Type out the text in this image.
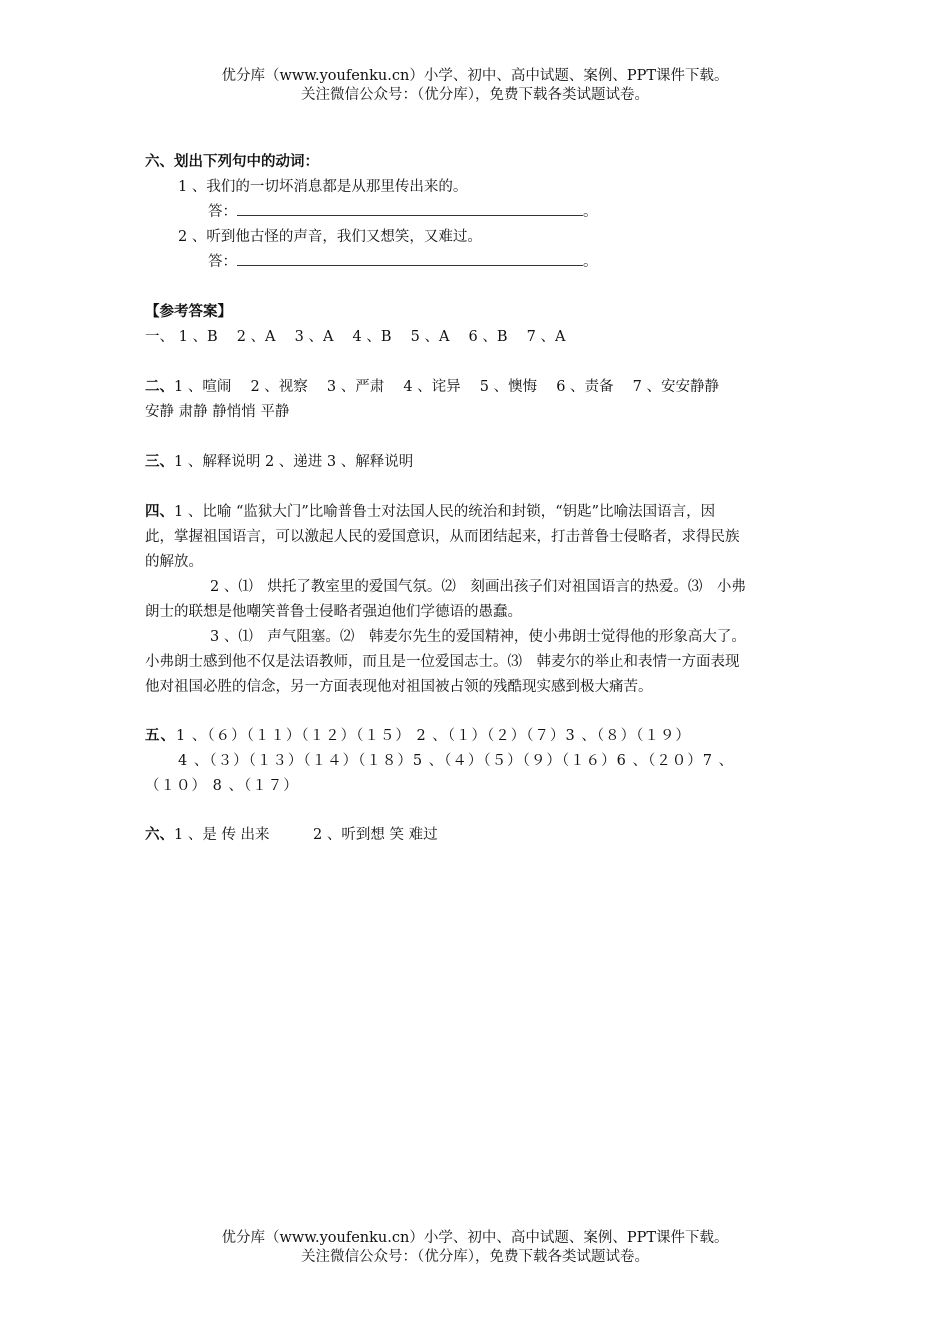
优分库（www.youfenku.cn）小学、初中、高中试题、案例、PPT课件下载。
关注微信公众号：（优分库），免费下载各类试题试卷。
六、划出下列句中的动词：
1 、我们的一切坏消息都是从那里传出来的。
答：	。
2 、听到他古怪的声音，我们又想笑，又难过。
答：	。
【参考答案】
一、 1 、B　 2 、A　 3 、A　 4 、B　 5 、A　 6 、B　 7 、A
二、1 、喧闹　 2 、视察　 3 、严肃　 4 、诧异　 5 、懊悔　 6 、责备　 7 、安安静静
安静 肃静 静悄悄 平静
三、1 、解释说明 2 、递进 3 、解释说明
四、1 、比喻 “监狱大门”比喻普鲁士对法国人民的统治和封锁，“钥匙”比喻法国语言，因
此，掌握祖国语言，可以激起人民的爱国意识，从而团结起来，打击普鲁士侵略者，求得民族
的解放。
2 、⑴　烘托了教室里的爱国气氛。⑵　刻画出孩子们对祖国语言的热爱。⑶　小弗
朗士的联想是他嘲笑普鲁士侵略者强迫他们学德语的愚蠢。
3 、⑴　声气阻塞。⑵　韩麦尔先生的爱国精神，使小弗朗士觉得他的形象高大了。
小弗朗士感到他不仅是法语教师，而且是一位爱国志士。⑶　韩麦尔的举止和表情一方面表现
他对祖国必胜的信念，另一方面表现他对祖国被占领的残酷现实感到极大痛苦。
五、1 、（６）（１１）（１２）（１５） 2 、（１）（２）（７）3 、（８）（１９）
4 、（３）（１３）（１４）（１８）5 、（４）（５）（９）（１６）6 、（２０）7 、
（１０） 8 、（１７）
六、1 、是 传 出来　　　2 、听到想 笑 难过
优分库（www.youfenku.cn）小学、初中、高中试题、案例、PPT课件下载。
关注微信公众号：（优分库），免费下载各类试题试卷。
